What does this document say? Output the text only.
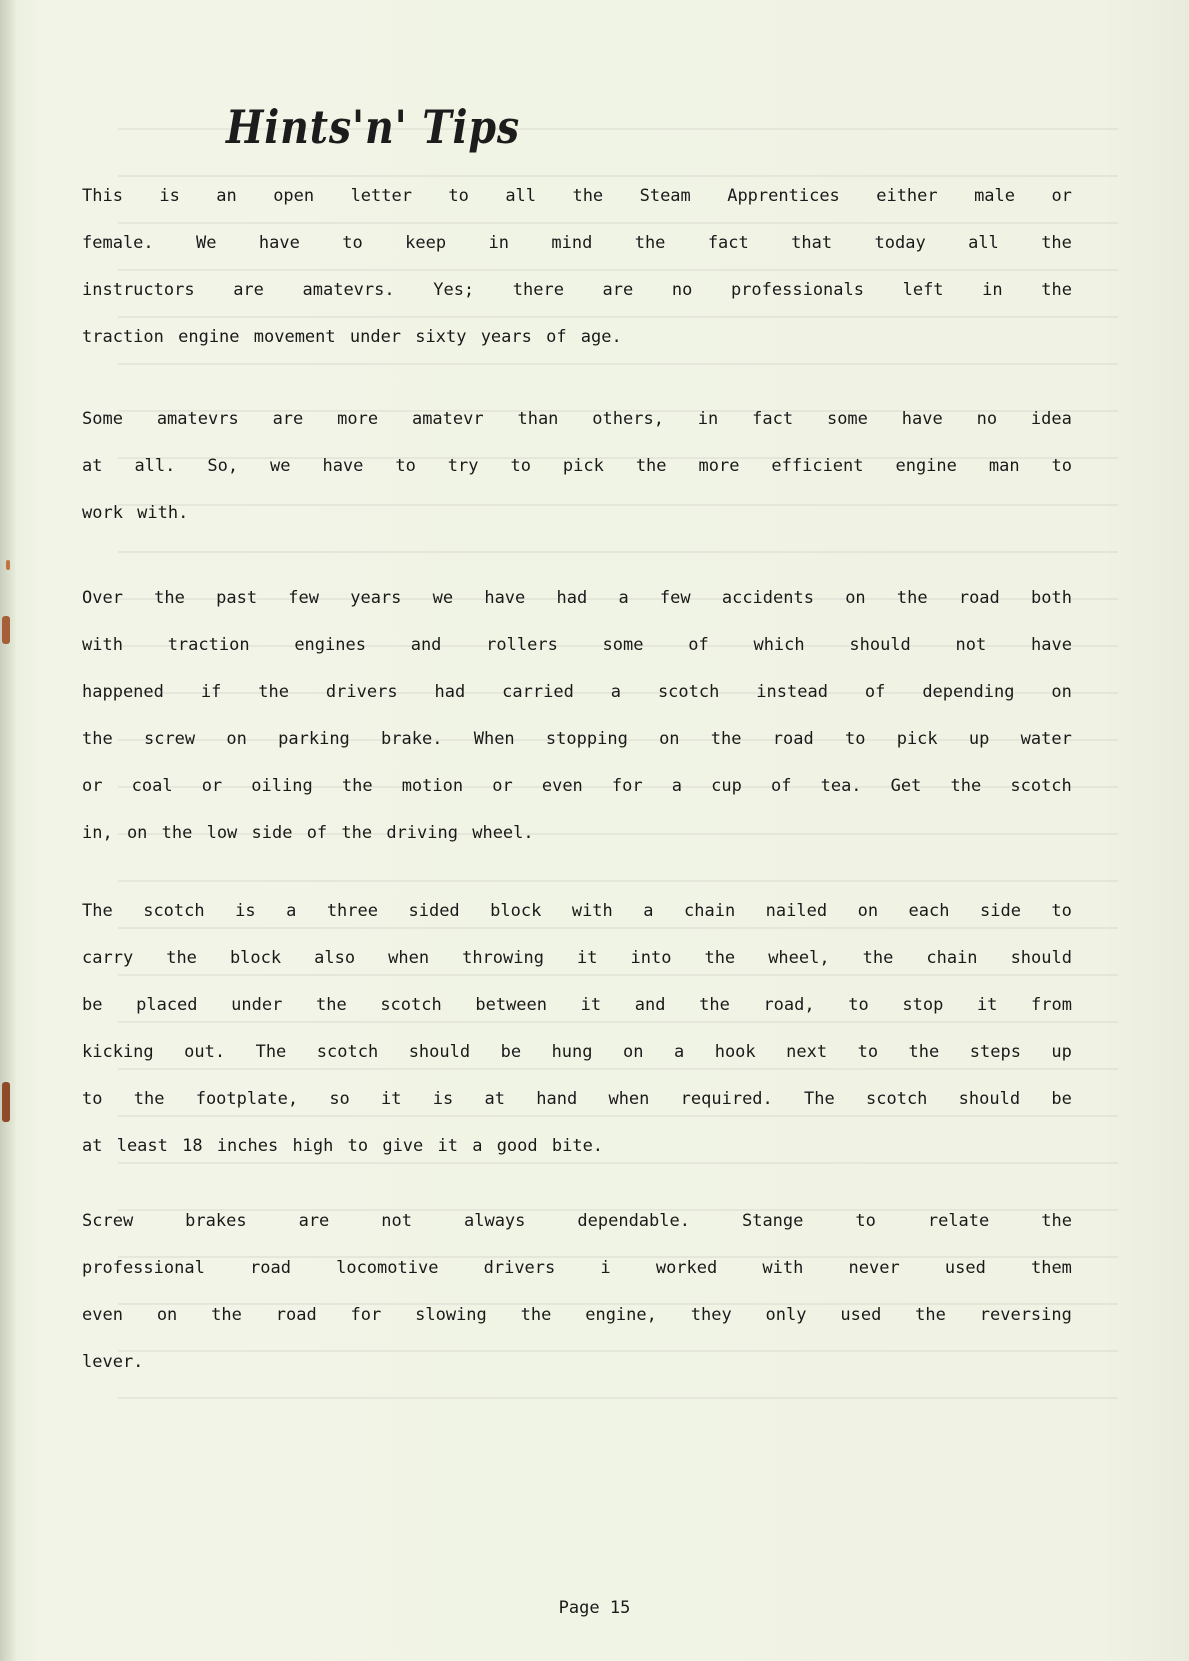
Hints'n' Tips
This is an open letter to all the Steam Apprentices either male or
female. We have to keep in mind the fact that today all the
instructors are amatevrs. Yes; there are no professionals left in the
traction engine movement under sixty years of age.
Some amatevrs are more amatevr than others, in fact some have no idea
at all. So, we have to try to pick the more efficient engine man to
work with.
Over the past few years we have had a few accidents on the road both
with	traction	engines	and	rollers	some	of	which	should	not	have
happened if the drivers had carried a scotch instead of depending on
the screw on parking brake. When stopping on the road to pick up water
or coal or oiling the motion or even for a cup of tea. Get the scotch
in, on the low side of the driving wheel.
The scotch is a three sided block with a chain nailed on each side to
carry the block also when throwing it into the wheel, the chain should
be placed under the scotch between it and the road, to stop it from
kicking out. The scotch should be hung on a hook next to the steps up
to the footplate, so it is at hand when required. The scotch should be
at least 18 inches high to give it a good bite.
Screw	brakes	are	not	always	dependable.	Stange	to	relate	the
professional	road	locomotive	drivers	i	worked	with	never	used	them
even on the road for slowing the engine, they only used the reversing
lever.

Page 15
